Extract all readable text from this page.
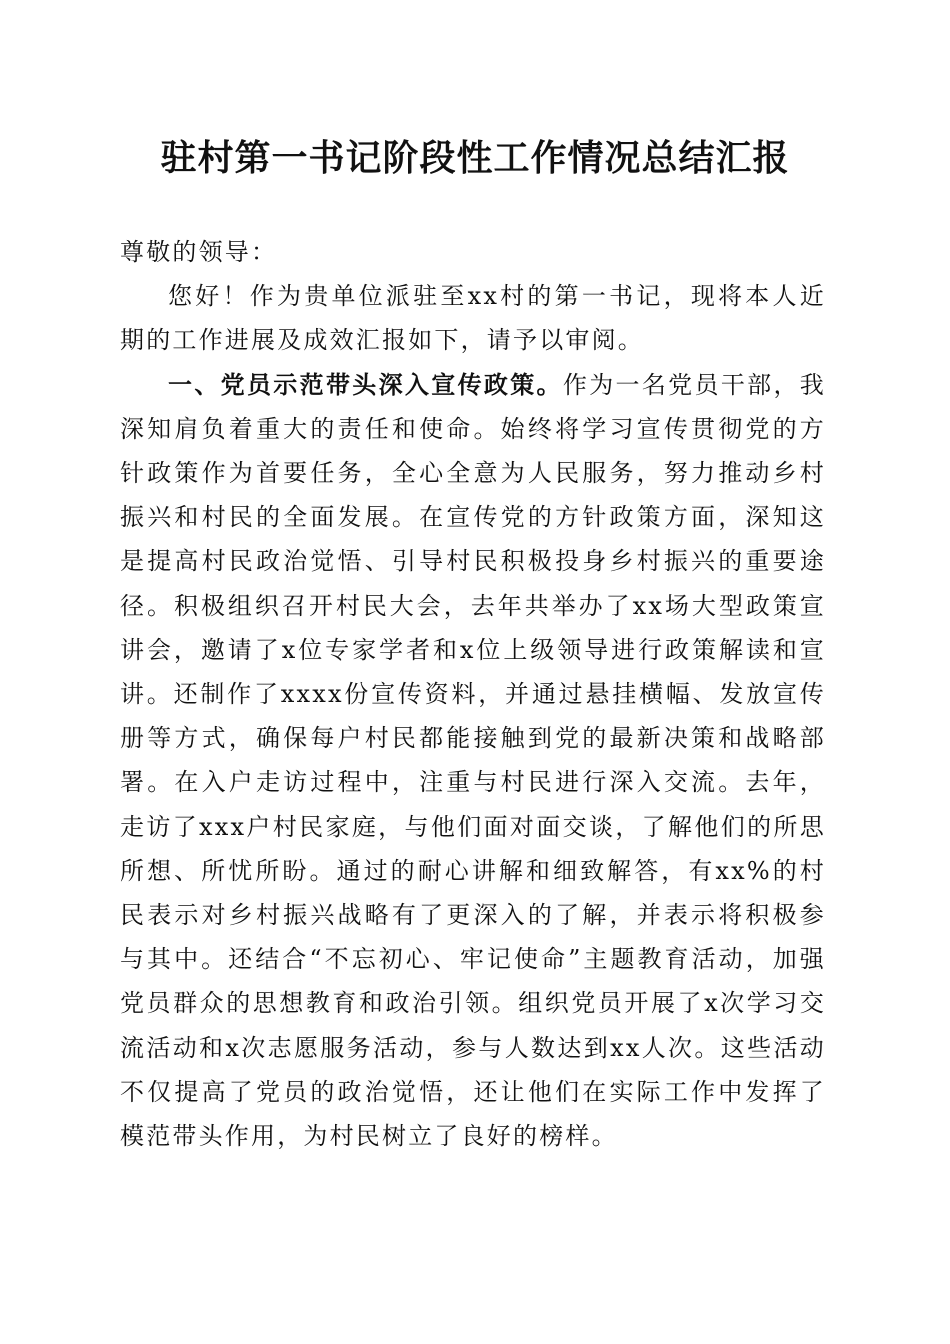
驻村第一书记阶段性工作情况总结汇报

尊敬的领导：

您好！作为贵单位派驻至xx村的第一书记，现将本人近期的工作进展及成效汇报如下，请予以审阅。

一、党员示范带头深入宣传政策。作为一名党员干部，我深知肩负着重大的责任和使命。始终将学习宣传贯彻党的方针政策作为首要任务，全心全意为人民服务，努力推动乡村振兴和村民的全面发展。在宣传党的方针政策方面，深知这是提高村民政治觉悟、引导村民积极投身乡村振兴的重要途径。积极组织召开村民大会，去年共举办了xx场大型政策宣讲会，邀请了x位专家学者和x位上级领导进行政策解读和宣讲。还制作了xxxx份宣传资料，并通过悬挂横幅、发放宣传册等方式，确保每户村民都能接触到党的最新决策和战略部署。在入户走访过程中，注重与村民进行深入交流。去年，走访了xxx户村民家庭，与他们面对面交谈，了解他们的所思所想、所忧所盼。通过的耐心讲解和细致解答，有xx%的村民表示对乡村振兴战略有了更深入的了解，并表示将积极参与其中。还结合“不忘初心、牢记使命”主题教育活动，加强党员群众的思想教育和政治引领。组织党员开展了x次学习交流活动和x次志愿服务活动，参与人数达到xx人次。这些活动不仅提高了党员的政治觉悟，还让他们在实际工作中发挥了模范带头作用，为村民树立了良好的榜样。
